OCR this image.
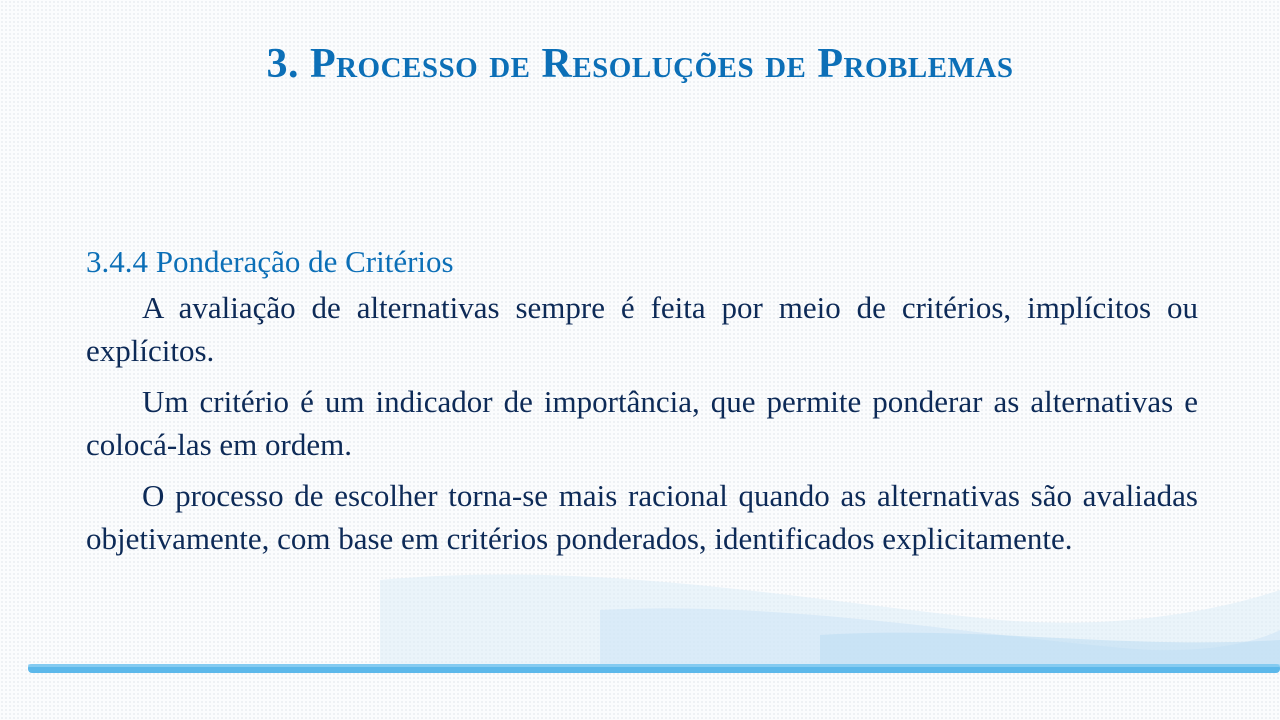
3. Processo de Resoluções de Problemas

3.4.4 Ponderação de Critérios

A avaliação de alternativas sempre é feita por meio de critérios, implícitos ou explícitos.

Um critério é um indicador de importância, que permite ponderar as alternativas e colocá-las em ordem.

O processo de escolher torna-se mais racional quando as alternativas são avaliadas objetivamente, com base em critérios ponderados, identificados explicitamente.
